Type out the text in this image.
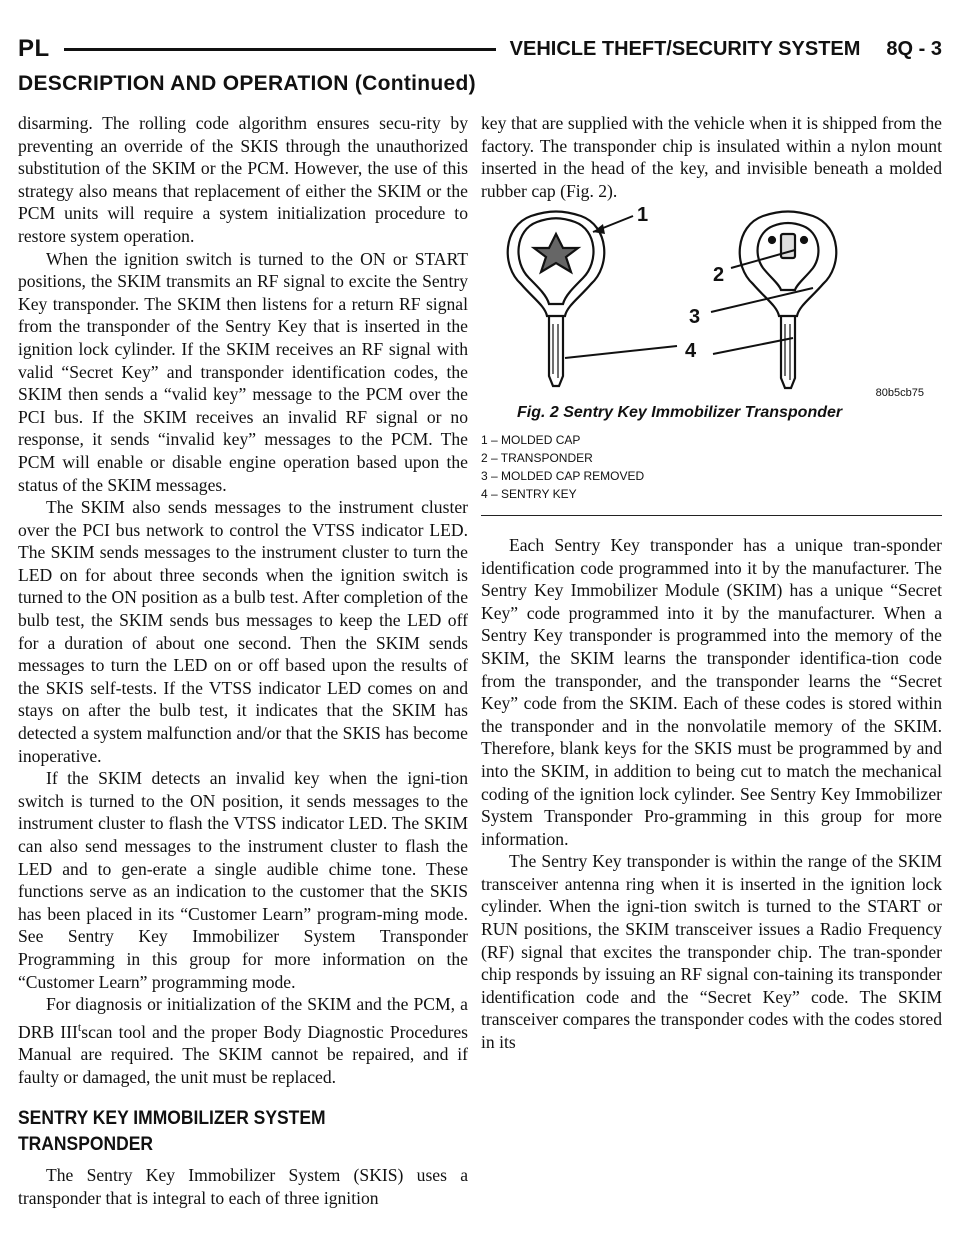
PL	VEHICLE THEFT/SECURITY SYSTEM 8Q - 3
DESCRIPTION AND OPERATION (Continued)

disarming. The rolling code algorithm ensures secu-rity by preventing an override of the SKIS through the unauthorized substitution of the SKIM or the PCM. However, the use of this strategy also means that replacement of either the SKIM or the PCM units will require a system initialization procedure to restore system operation.

When the ignition switch is turned to the ON or START positions, the SKIM transmits an RF signal to excite the Sentry Key transponder. The SKIM then listens for a return RF signal from the transponder of the Sentry Key that is inserted in the ignition lock cylinder. If the SKIM receives an RF signal with valid “Secret Key” and transponder identification codes, the SKIM then sends a “valid key” message to the PCM over the PCI bus. If the SKIM receives an invalid RF signal or no response, it sends “invalid key” messages to the PCM. The PCM will enable or disable engine operation based upon the status of the SKIM messages.

The SKIM also sends messages to the instrument cluster over the PCI bus network to control the VTSS indicator LED. The SKIM sends messages to the instrument cluster to turn the LED on for about three seconds when the ignition switch is turned to the ON position as a bulb test. After completion of the bulb test, the SKIM sends bus messages to keep the LED off for a duration of about one second. Then the SKIM sends messages to turn the LED on or off based upon the results of the SKIS self-tests. If the VTSS indicator LED comes on and stays on after the bulb test, it indicates that the SKIM has detected a system malfunction and/or that the SKIS has become inoperative.

If the SKIM detects an invalid key when the igni-tion switch is turned to the ON position, it sends messages to the instrument cluster to flash the VTSS indicator LED. The SKIM can also send messages to the instrument cluster to flash the LED and to gen-erate a single audible chime tone. These functions serve as an indication to the customer that the SKIS has been placed in its “Customer Learn” program-ming mode. See Sentry Key Immobilizer System Transponder Programming in this group for more information on the “Customer Learn” programming mode.

For diagnosis or initialization of the SKIM and the PCM, a DRB III$^t$scan tool and the proper Body Diagnostic Procedures Manual are required. The SKIM cannot be repaired, and if faulty or damaged, the unit must be replaced.

SENTRY KEY IMMOBILIZER SYSTEM TRANSPONDER

The Sentry Key Immobilizer System (SKIS) uses a transponder that is integral to each of three ignition

key that are supplied with the vehicle when it is shipped from the factory. The transponder chip is insulated within a nylon mount inserted in the head of the key, and invisible beneath a molded rubber cap (Fig. 2).

1
2
3
4
80b5cb75
Fig. 2 Sentry Key Immobilizer Transponder
1 – MOLDED CAP
2 – TRANSPONDER
3 – MOLDED CAP REMOVED
4 – SENTRY KEY

Each Sentry Key transponder has a unique tran-sponder identification code programmed into it by the manufacturer. The Sentry Key Immobilizer Module (SKIM) has a unique “Secret Key” code programmed into it by the manufacturer. When a Sentry Key transponder is programmed into the memory of the SKIM, the SKIM learns the transponder identifica-tion code from the transponder, and the transponder learns the “Secret Key” code from the SKIM. Each of these codes is stored within the transponder and in the nonvolatile memory of the SKIM. Therefore, blank keys for the SKIS must be programmed by and into the SKIM, in addition to being cut to match the mechanical coding of the ignition lock cylinder. See Sentry Key Immobilizer System Transponder Pro-gramming in this group for more information.

The Sentry Key transponder is within the range of the SKIM transceiver antenna ring when it is inserted in the ignition lock cylinder. When the igni-tion switch is turned to the START or RUN positions, the SKIM transceiver issues a Radio Frequency (RF) signal that excites the transponder chip. The tran-sponder chip responds by issuing an RF signal con-taining its transponder identification code and the “Secret Key” code. The SKIM transceiver compares the transponder codes with the codes stored in its
